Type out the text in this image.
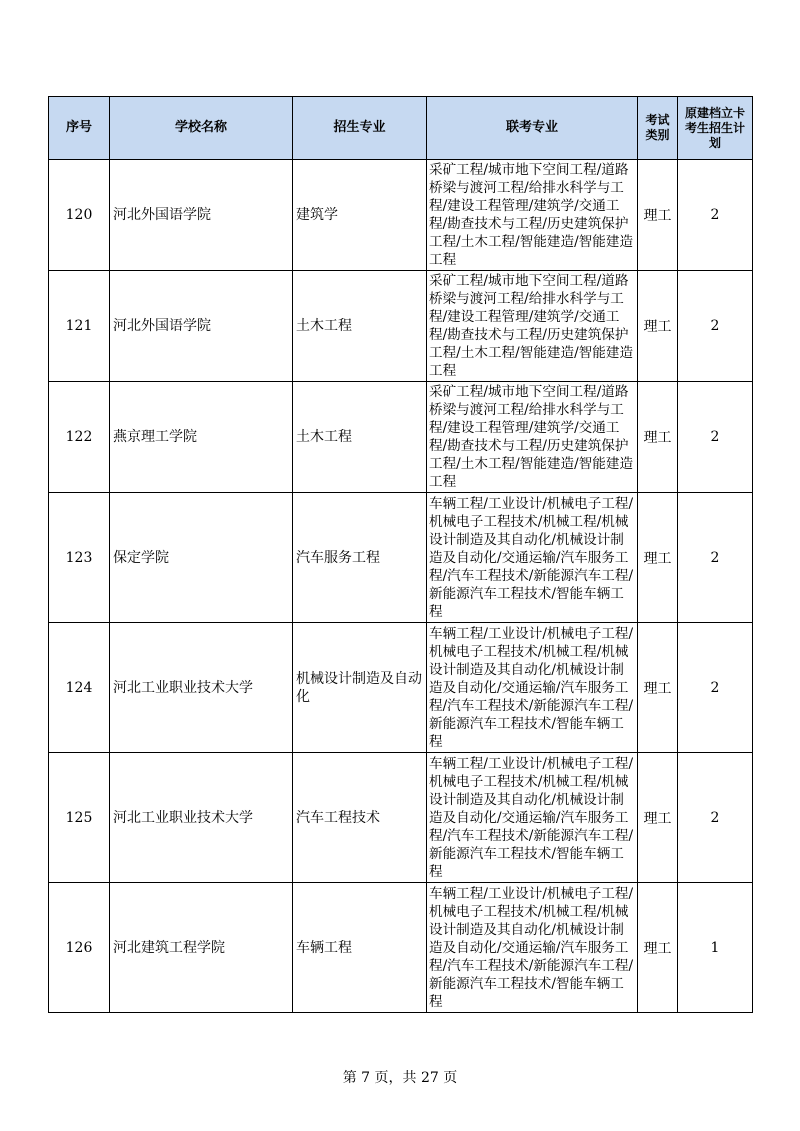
序号	学校名称	招生专业	联考专业	考试类别	原建档立卡考生招生计划
120	河北外国语学院	建筑学	采矿工程/城市地下空间工程/道路桥梁与渡河工程/给排水科学与工程/建设工程管理/建筑学/交通工程/勘查技术与工程/历史建筑保护工程/土木工程/智能建造/智能建造工程	理工	2
121	河北外国语学院	土木工程	采矿工程/城市地下空间工程/道路桥梁与渡河工程/给排水科学与工程/建设工程管理/建筑学/交通工程/勘查技术与工程/历史建筑保护工程/土木工程/智能建造/智能建造工程	理工	2
122	燕京理工学院	土木工程	采矿工程/城市地下空间工程/道路桥梁与渡河工程/给排水科学与工程/建设工程管理/建筑学/交通工程/勘查技术与工程/历史建筑保护工程/土木工程/智能建造/智能建造工程	理工	2
123	保定学院	汽车服务工程	车辆工程/工业设计/机械电子工程/机械电子工程技术/机械工程/机械设计制造及其自动化/机械设计制造及自动化/交通运输/汽车服务工程/汽车工程技术/新能源汽车工程/新能源汽车工程技术/智能车辆工程	理工	2
124	河北工业职业技术大学	机械设计制造及自动化	车辆工程/工业设计/机械电子工程/机械电子工程技术/机械工程/机械设计制造及其自动化/机械设计制造及自动化/交通运输/汽车服务工程/汽车工程技术/新能源汽车工程/新能源汽车工程技术/智能车辆工程	理工	2
125	河北工业职业技术大学	汽车工程技术	车辆工程/工业设计/机械电子工程/机械电子工程技术/机械工程/机械设计制造及其自动化/机械设计制造及自动化/交通运输/汽车服务工程/汽车工程技术/新能源汽车工程/新能源汽车工程技术/智能车辆工程	理工	2
126	河北建筑工程学院	车辆工程	车辆工程/工业设计/机械电子工程/机械电子工程技术/机械工程/机械设计制造及其自动化/机械设计制造及自动化/交通运输/汽车服务工程/汽车工程技术/新能源汽车工程/新能源汽车工程技术/智能车辆工程	理工	1
第 7 页，共 27 页
